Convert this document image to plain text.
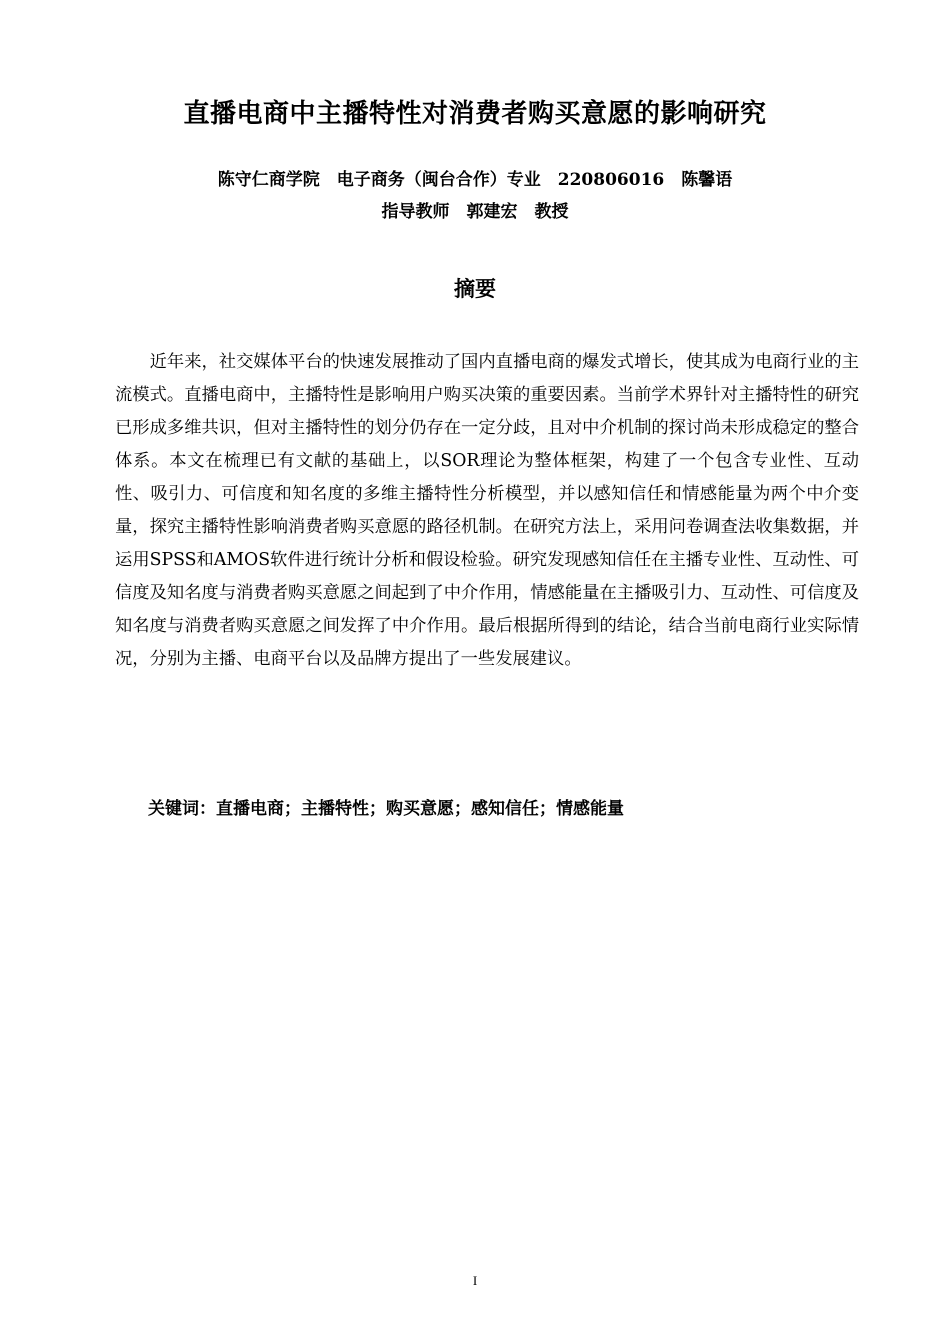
直播电商中主播特性对消费者购买意愿的影响研究
陈守仁商学院　电子商务（闽台合作）专业　220806016　陈馨语
指导教师　郭建宏　教授
摘要

近年来，社交媒体平台的快速发展推动了国内直播电商的爆发式增长，使其成为电商行业的主流模式。直播电商中，主播特性是影响用户购买决策的重要因素。当前学术界针对主播特性的研究已形成多维共识，但对主播特性的划分仍存在一定分歧，且对中介机制的探讨尚未形成稳定的整合体系。本文在梳理已有文献的基础上，以SOR理论为整体框架，构建了一个包含专业性、互动性、吸引力、可信度和知名度的多维主播特性分析模型，并以感知信任和情感能量为两个中介变量，探究主播特性影响消费者购买意愿的路径机制。在研究方法上，采用问卷调查法收集数据，并运用SPSS和AMOS软件进行统计分析和假设检验。研究发现感知信任在主播专业性、互动性、可信度及知名度与消费者购买意愿之间起到了中介作用，情感能量在主播吸引力、互动性、可信度及知名度与消费者购买意愿之间发挥了中介作用。最后根据所得到的结论，结合当前电商行业实际情况，分别为主播、电商平台以及品牌方提出了一些发展建议。

关键词：直播电商；主播特性；购买意愿；感知信任；情感能量
I
